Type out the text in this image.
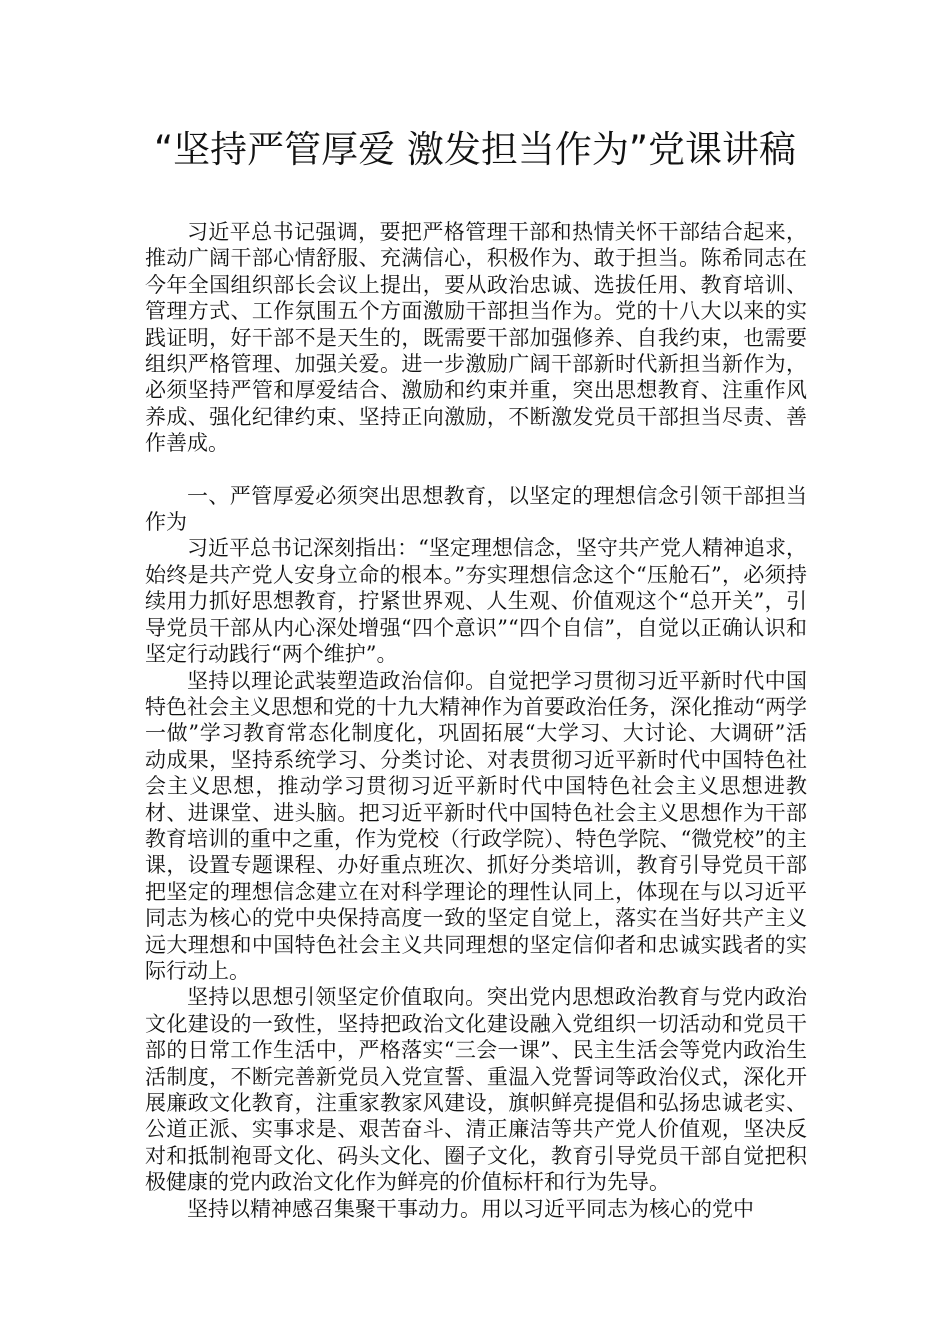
“坚持严管厚爱 激发担当作为”党课讲稿

习近平总书记强调，要把严格管理干部和热情关怀干部结合起来，推动广阔干部心情舒服、充满信心，积极作为、敢于担当。陈希同志在今年全国组织部长会议上提出，要从政治忠诚、选拔任用、教育培训、管理方式、工作氛围五个方面激励干部担当作为。党的十八大以来的实践证明，好干部不是天生的，既需要干部加强修养、自我约束，也需要组织严格管理、加强关爱。进一步激励广阔干部新时代新担当新作为，必须坚持严管和厚爱结合、激励和约束并重，突出思想教育、注重作风养成、强化纪律约束、坚持正向激励，不断激发党员干部担当尽责、善作善成。

一、严管厚爱必须突出思想教育，以坚定的理想信念引领干部担当作为

习近平总书记深刻指出：“坚定理想信念，坚守共产党人精神追求，始终是共产党人安身立命的根本。”夯实理想信念这个“压舱石”，必须持续用力抓好思想教育，拧紧世界观、人生观、价值观这个“总开关”，引导党员干部从内心深处增强“四个意识”“四个自信”，自觉以正确认识和坚定行动践行“两个维护”。

坚持以理论武装塑造政治信仰。自觉把学习贯彻习近平新时代中国特色社会主义思想和党的十九大精神作为首要政治任务，深化推动“两学一做”学习教育常态化制度化，巩固拓展“大学习、大讨论、大调研”活动成果，坚持系统学习、分类讨论、对表贯彻习近平新时代中国特色社会主义思想，推动学习贯彻习近平新时代中国特色社会主义思想进教材、进课堂、进头脑。把习近平新时代中国特色社会主义思想作为干部教育培训的重中之重，作为党校（行政学院）、特色学院、“微党校”的主课，设置专题课程、办好重点班次、抓好分类培训，教育引导党员干部把坚定的理想信念建立在对科学理论的理性认同上，体现在与以习近平同志为核心的党中央保持高度一致的坚定自觉上，落实在当好共产主义远大理想和中国特色社会主义共同理想的坚定信仰者和忠诚实践者的实际行动上。

坚持以思想引领坚定价值取向。突出党内思想政治教育与党内政治文化建设的一致性，坚持把政治文化建设融入党组织一切活动和党员干部的日常工作生活中，严格落实“三会一课”、民主生活会等党内政治生活制度，不断完善新党员入党宣誓、重温入党誓词等政治仪式，深化开展廉政文化教育，注重家教家风建设，旗帜鲜亮提倡和弘扬忠诚老实、公道正派、实事求是、艰苦奋斗、清正廉洁等共产党人价值观，坚决反对和抵制袍哥文化、码头文化、圈子文化，教育引导党员干部自觉把积极健康的党内政治文化作为鲜亮的价值标杆和行为先导。

坚持以精神感召集聚干事动力。用以习近平同志为核心的党中
